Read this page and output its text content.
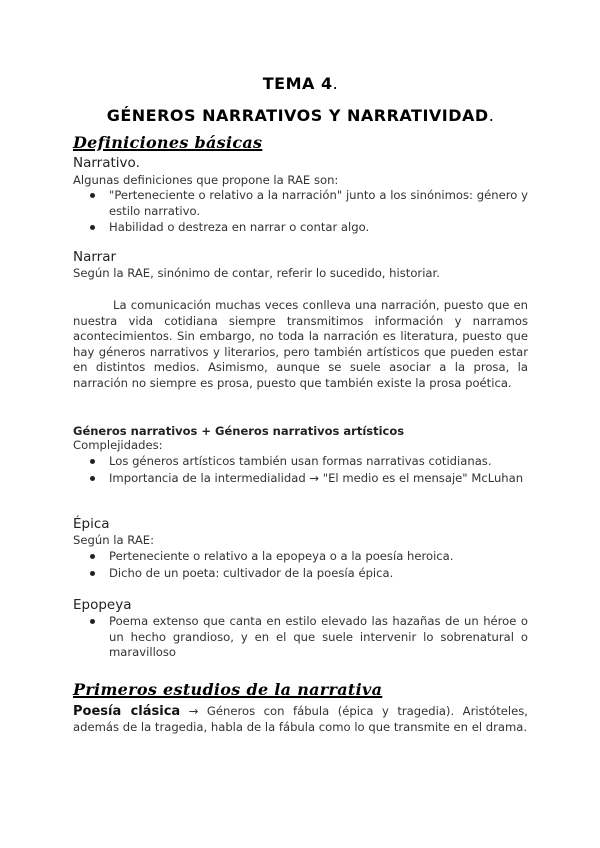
TEMA 4.
GÉNEROS NARRATIVOS Y NARRATIVIDAD.
Definiciones básicas
Narrativo.
Algunas definiciones que propone la RAE son:
"Perteneciente o relativo a la narración" junto a los sinónimos: género y estilo narrativo.
Habilidad o destreza en narrar o contar algo.
Narrar
Según la RAE, sinónimo de contar, referir lo sucedido, historiar.
La comunicación muchas veces conlleva una narración, puesto que en nuestra vida cotidiana siempre transmitimos información y narramos acontecimientos. Sin embargo, no toda la narración es literatura, puesto que hay géneros narrativos y literarios, pero también artísticos que pueden estar en distintos medios. Asimismo, aunque se suele asociar a la prosa, la narración no siempre es prosa, puesto que también existe la prosa poética.
Géneros narrativos + Géneros narrativos artísticos
Complejidades:
Los géneros artísticos también usan formas narrativas cotidianas.
Importancia de la intermedialidad → "El medio es el mensaje" McLuhan
Épica
Según la RAE:
Perteneciente o relativo a la epopeya o a la poesía heroica.
Dicho de un poeta: cultivador de la poesía épica.
Epopeya
Poema extenso que canta en estilo elevado las hazañas de un héroe o un hecho grandioso, y en el que suele intervenir lo sobrenatural o maravilloso
Primeros estudios de la narrativa
Poesía clásica → Géneros con fábula (épica y tragedia). Aristóteles, además de la tragedia, habla de la fábula como lo que transmite en el drama.
